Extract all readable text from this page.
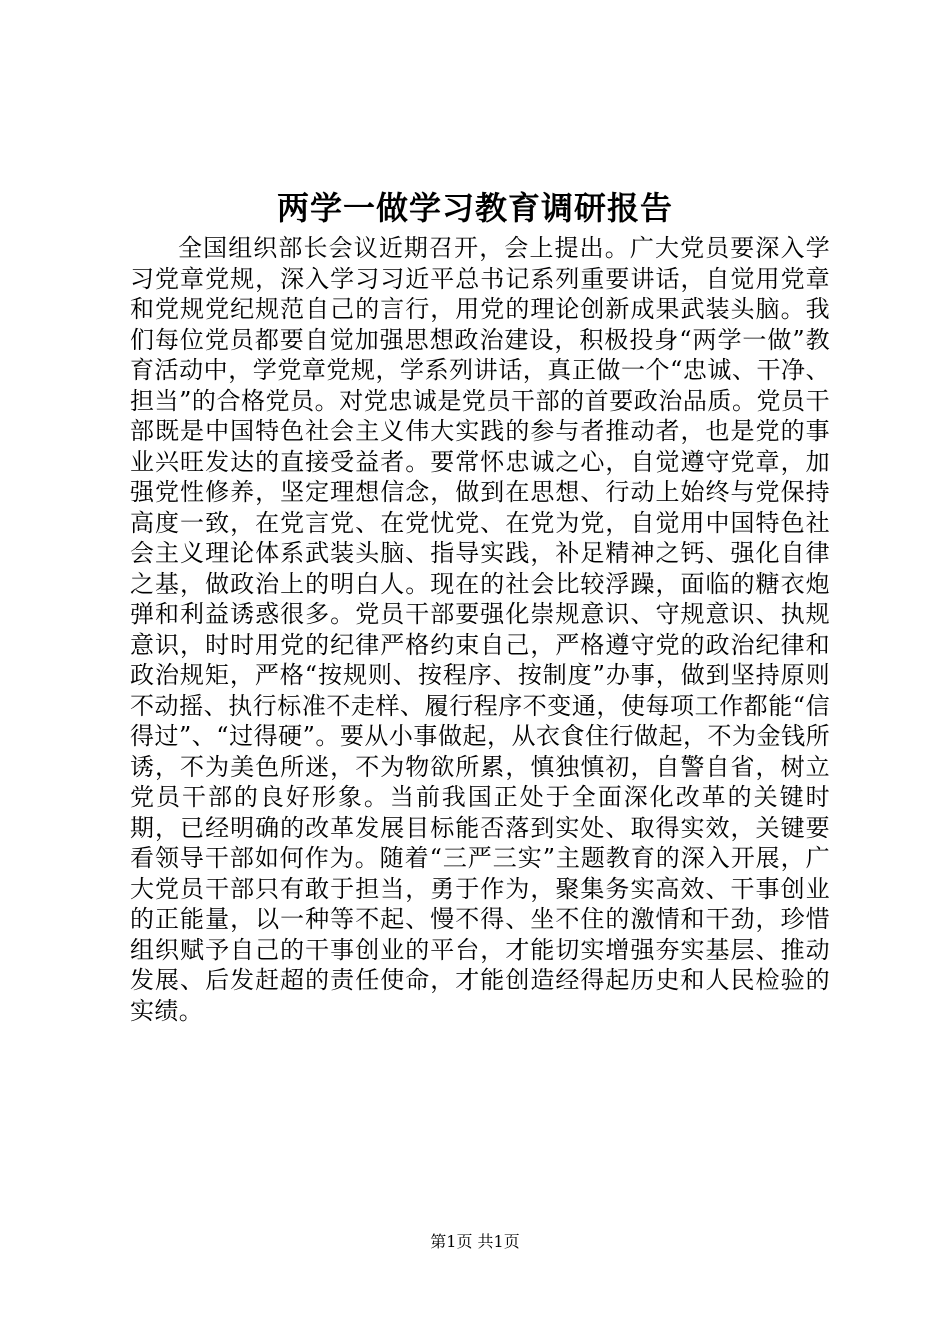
两学一做学习教育调研报告

全国组织部长会议近期召开，会上提出。广大党员要深入学习党章党规，深入学习习近平总书记系列重要讲话，自觉用党章和党规党纪规范自己的言行，用党的理论创新成果武装头脑。我们每位党员都要自觉加强思想政治建设，积极投身“两学一做”教育活动中，学党章党规，学系列讲话，真正做一个“忠诚、干净、担当”的合格党员。对党忠诚是党员干部的首要政治品质。党员干部既是中国特色社会主义伟大实践的参与者推动者，也是党的事业兴旺发达的直接受益者。要常怀忠诚之心，自觉遵守党章，加强党性修养，坚定理想信念，做到在思想、行动上始终与党保持高度一致，在党言党、在党忧党、在党为党，自觉用中国特色社会主义理论体系武装头脑、指导实践，补足精神之钙、强化自律之基，做政治上的明白人。现在的社会比较浮躁，面临的糖衣炮弹和利益诱惑很多。党员干部要强化崇规意识、守规意识、执规意识，时时用党的纪律严格约束自己，严格遵守党的政治纪律和政治规矩，严格“按规则、按程序、按制度”办事，做到坚持原则不动摇、执行标准不走样、履行程序不变通，使每项工作都能“信得过”、“过得硬”。要从小事做起，从衣食住行做起，不为金钱所诱，不为美色所迷，不为物欲所累，慎独慎初，自警自省，树立党员干部的良好形象。当前我国正处于全面深化改革的关键时期，已经明确的改革发展目标能否落到实处、取得实效，关键要看领导干部如何作为。随着“三严三实”主题教育的深入开展，广大党员干部只有敢于担当，勇于作为，聚集务实高效、干事创业的正能量，以一种等不起、慢不得、坐不住的激情和干劲，珍惜组织赋予自己的干事创业的平台，才能切实增强夯实基层、推动发展、后发赶超的责任使命，才能创造经得起历史和人民检验的实绩。

第1页 共1页
